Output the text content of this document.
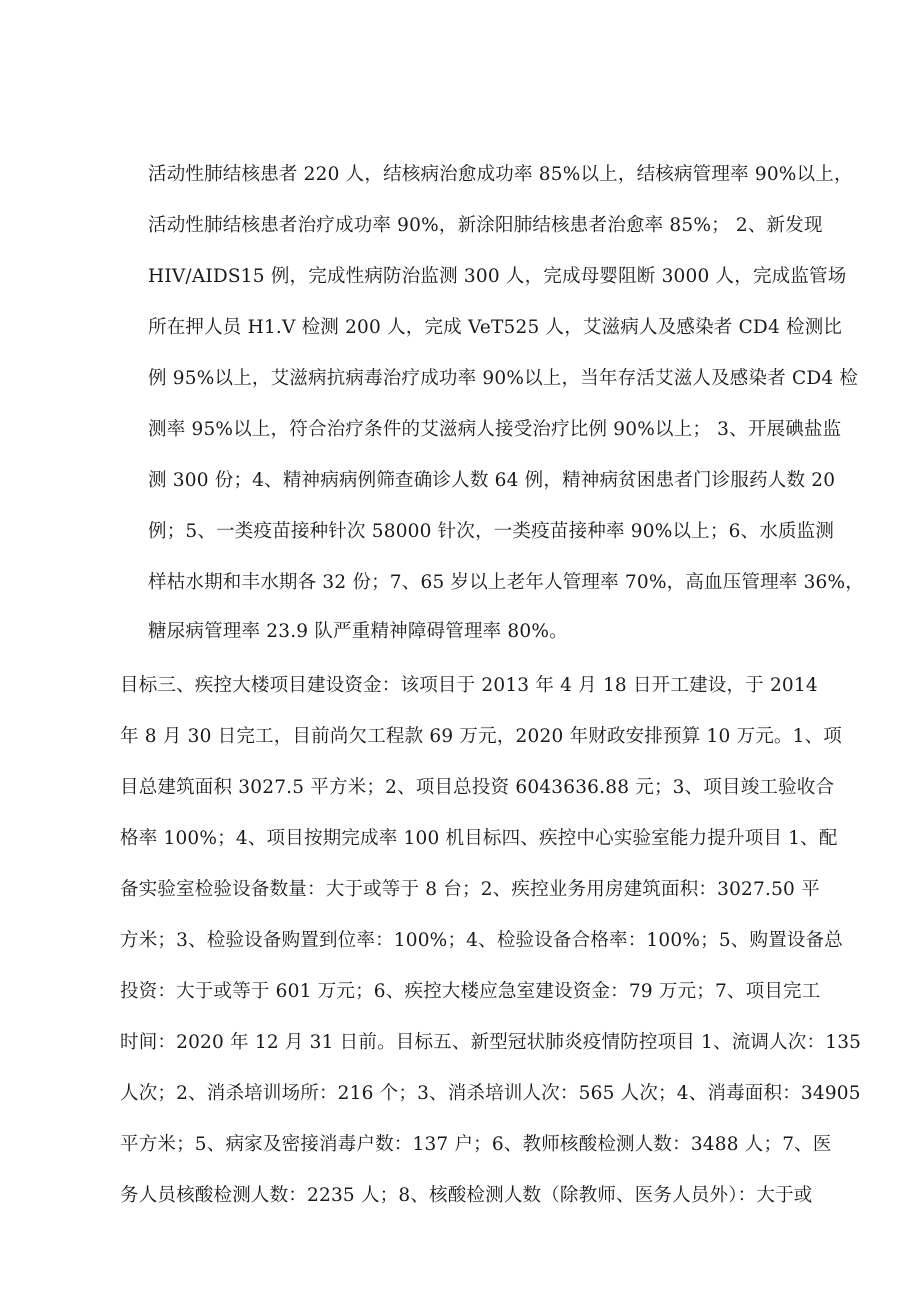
活动性肺结核患者 220 人，结核病治愈成功率 85%以上，结核病管理率 90%以上，
活动性肺结核患者治疗成功率 90%，新涂阳肺结核患者治愈率 85%； 2、新发现
HIV/AIDS15 例，完成性病防治监测 300 人，完成母婴阻断 3000 人，完成监管场
所在押人员 H1.V 检测 200 人，完成 VeT525 人，艾滋病人及感染者 CD4 检测比
例 95%以上，艾滋病抗病毒治疗成功率 90%以上，当年存活艾滋人及感染者 CD4 检
测率 95%以上，符合治疗条件的艾滋病人接受治疗比例 90%以上； 3、开展碘盐监
测 300 份；4、精神病病例筛查确诊人数 64 例，精神病贫困患者门诊服药人数 20
例；5、一类疫苗接种针次 58000 针次，一类疫苗接种率 90%以上；6、水质监测
样枯水期和丰水期各 32 份；7、65 岁以上老年人管理率 70%，高血压管理率 36%，
糖尿病管理率 23.9 队严重精神障碍管理率 80%。
目标三、疾控大楼项目建设资金：该项目于 2013 年 4 月 18 日开工建设，于 2014
年 8 月 30 日完工，目前尚欠工程款 69 万元，2020 年财政安排预算 10 万元。1、项
目总建筑面积 3027.5 平方米；2、项目总投资 6043636.88 元；3、项目竣工验收合
格率 100%；4、项目按期完成率 100 机目标四、疾控中心实验室能力提升项目 1、配
备实验室检验设备数量：大于或等于 8 台；2、疾控业务用房建筑面积：3027.50 平
方米；3、检验设备购置到位率：100%；4、检验设备合格率：100%；5、购置设备总
投资：大于或等于 601 万元；6、疾控大楼应急室建设资金：79 万元；7、项目完工
时间：2020 年 12 月 31 日前。目标五、新型冠状肺炎疫情防控项目 1、流调人次：135
人次；2、消杀培训场所：216 个；3、消杀培训人次：565 人次；4、消毒面积：34905
平方米；5、病家及密接消毒户数：137 户；6、教师核酸检测人数：3488 人；7、医
务人员核酸检测人数：2235 人；8、核酸检测人数（除教师、医务人员外）：大于或
